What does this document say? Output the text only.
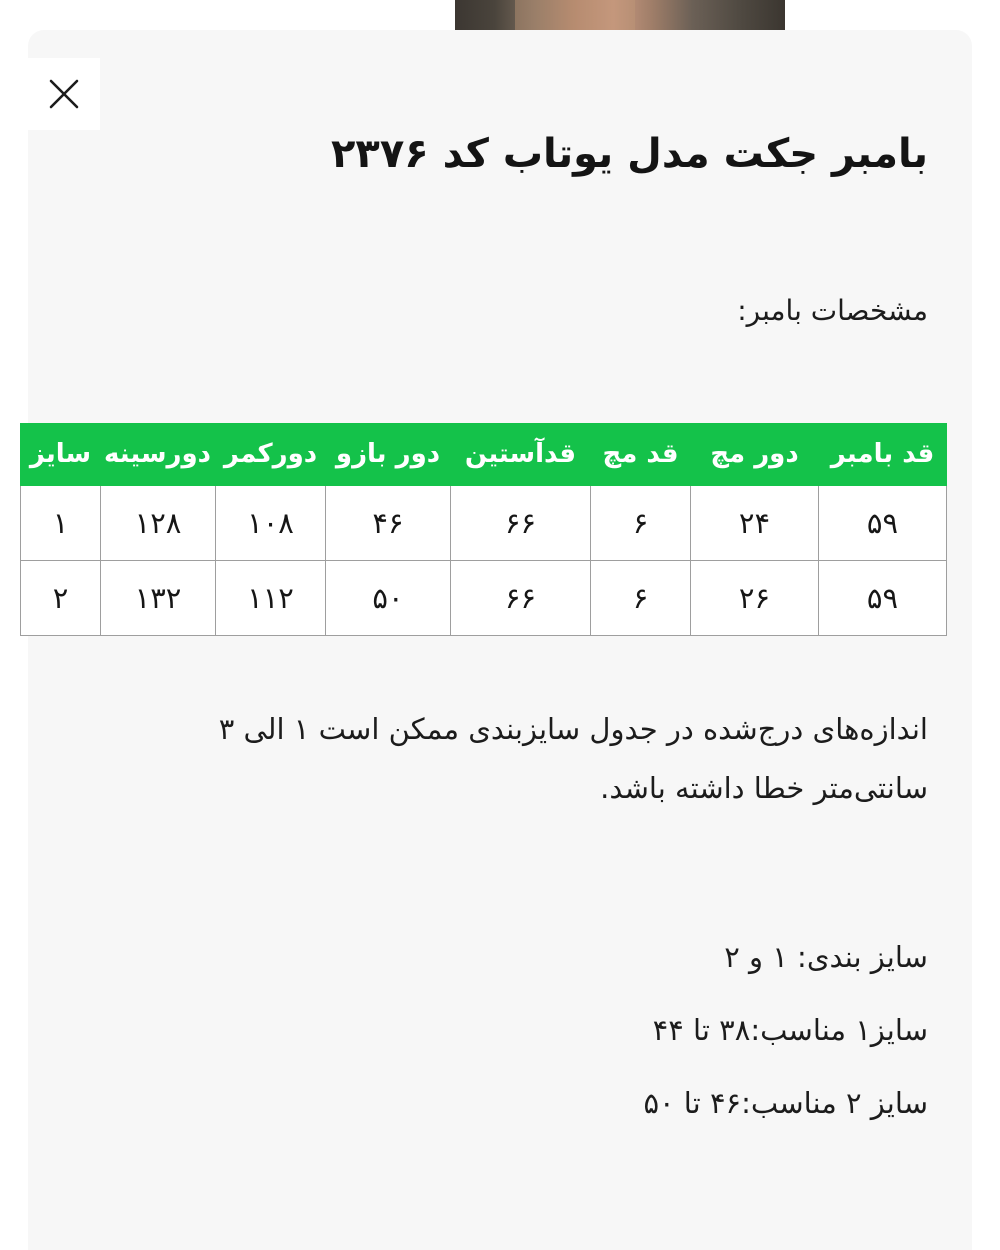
بامبر جکت مدل یوتاب کد ۲۳۷۶
مشخصات بامبر:
قد بامبر	دور مچ	قد مچ	قدآستین	دور بازو	دورکمر	دورسینه	سایز
۵۹	۲۴	۶	۶۶	۴۶	۱۰۸	۱۲۸	۱
۵۹	۲۶	۶	۶۶	۵۰	۱۱۲	۱۳۲	۲
اندازه‌های درج‌شده در جدول سایزبندی ممکن است ۱ الی ۳
سانتی‌متر خطا داشته باشد.

سایز بندی: ۱ و ۲

سایز۱ مناسب:۳۸ تا ۴۴

سایز ۲ مناسب:۴۶ تا ۵۰
